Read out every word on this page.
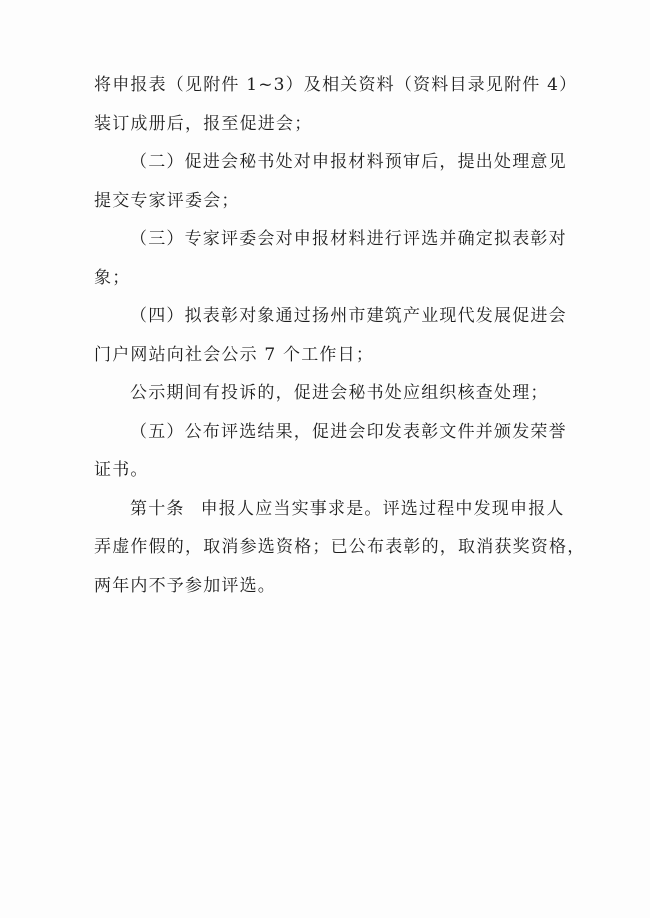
将申报表（见附件 1~3）及相关资料（资料目录见附件 4）
装订成册后，报至促进会；
（二）促进会秘书处对申报材料预审后，提出处理意见
提交专家评委会；
（三）专家评委会对申报材料进行评选并确定拟表彰对
象；
（四）拟表彰对象通过扬州市建筑产业现代发展促进会
门户网站向社会公示 7 个工作日；
公示期间有投诉的，促进会秘书处应组织核查处理；
（五）公布评选结果，促进会印发表彰文件并颁发荣誉
证书。
第十条 申报人应当实事求是。评选过程中发现申报人
弄虚作假的，取消参选资格；已公布表彰的，取消获奖资格，
两年内不予参加评选。
